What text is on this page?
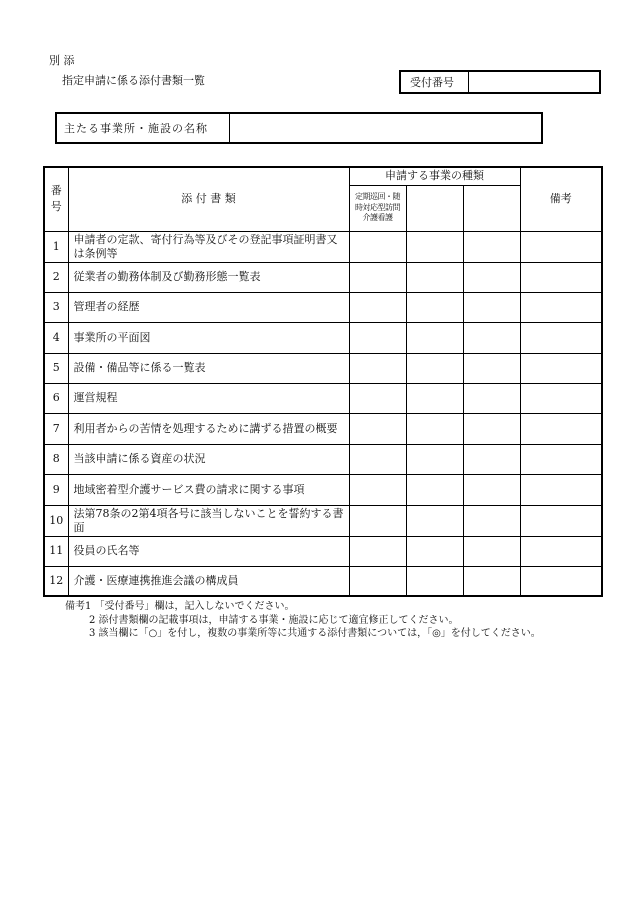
別 添
指定申請に係る添付書類一覧	受付番号
主たる事業所・施設の名称
番号	添 付 書 類	申請する事業の種類			備考
		定期巡回・随時対応型訪問介護看護			
1	申請者の定款、寄付行為等及びその登記事項証明書又は条例等				
2	従業者の勤務体制及び勤務形態一覧表				
3	管理者の経歴				
4	事業所の平面図				
5	設備・備品等に係る一覧表				
6	運営規程				
7	利用者からの苦情を処理するために講ずる措置の概要				
8	当該申請に係る資産の状況				
9	地域密着型介護サービス費の請求に関する事項				
10	法第78条の2第4項各号に該当しないことを誓約する書面				
11	役員の氏名等				
12	介護・医療連携推進会議の構成員				
備考1 「受付番号」欄は，記入しないでください。
2 添付書類欄の記載事項は，申請する事業・施設に応じて適宜修正してください。
3 該当欄に「○」を付し，複数の事業所等に共通する添付書類については，「◎」を付してください。
